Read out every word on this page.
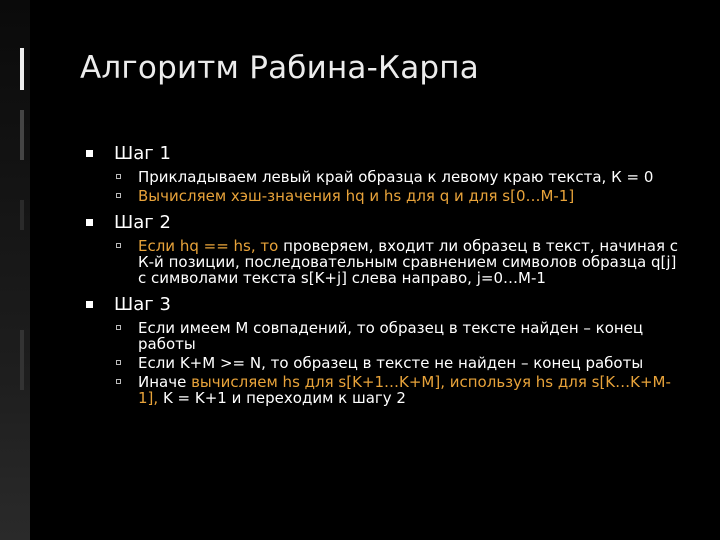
Алгоритм Рабина-Карпа
Шаг 1
Прикладываем левый край образца к левому краю текста, К = 0
Вычисляем хэш-значения hq и hs для q и для s[0…M-1]
Шаг 2
Если hq == hs, то проверяем, входит ли образец в текст, начиная с К-й позиции, последовательным сравнением символов образца q[j] с символами текста s[K+j] слева направо, j=0…M-1
Шаг 3
Если имеем М совпадений, то образец в тексте найден – конец работы
Если K+M >= N, то образец в тексте не найден – конец работы
Иначе вычисляем hs для s[K+1…K+M], используя hs для s[K…K+M-1], K = K+1 и переходим к шагу 2
